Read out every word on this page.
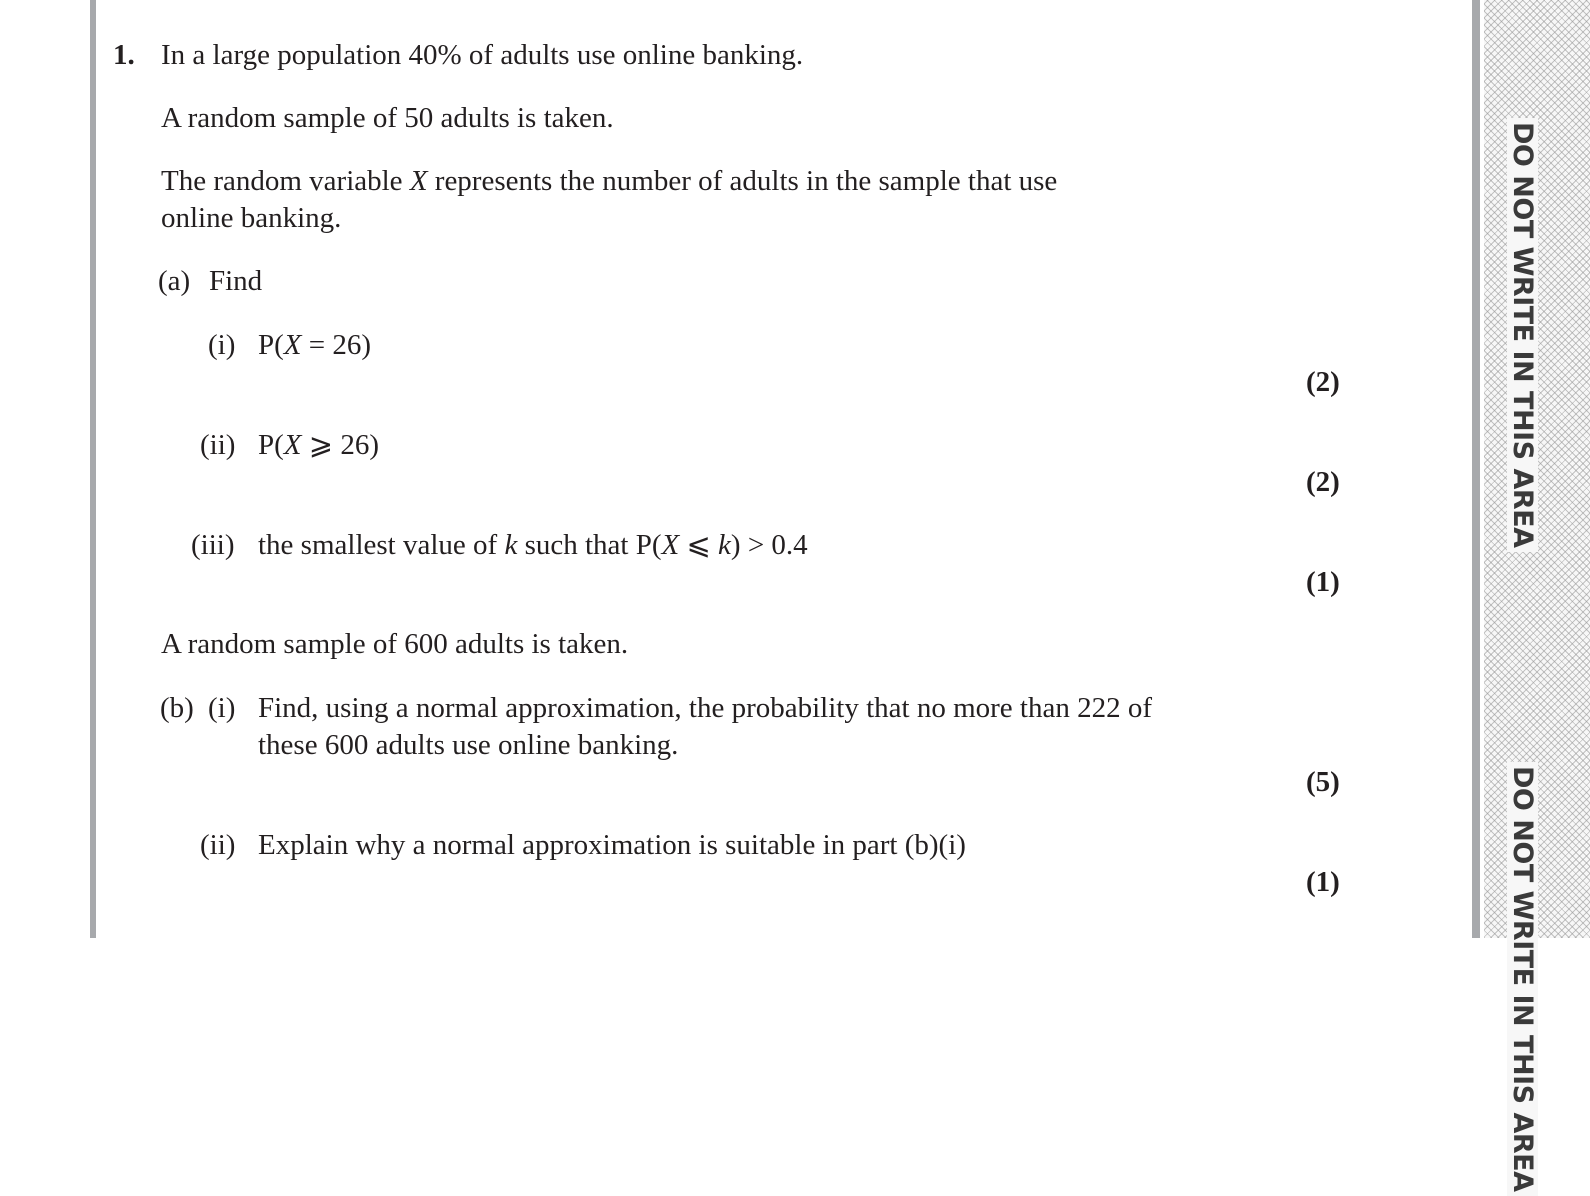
DO NOT WRITE IN THIS AREA
DO NOT WRITE IN THIS AREA
1. In a large population 40% of adults use online banking.
A random sample of 50 adults is taken.
The random variable X represents the number of adults in the sample that use
online banking.
(a) Find
(i) P(X = 26)
(2)
(ii) P(X ⩾ 26)
(2)
(iii) the smallest value of k such that P(X ⩽ k) > 0.4
(1)
A random sample of 600 adults is taken.
(b) (i) Find, using a normal approximation, the probability that no more than 222 of
these 600 adults use online banking.
(5)
(ii) Explain why a normal approximation is suitable in part (b)(i)
(1)
